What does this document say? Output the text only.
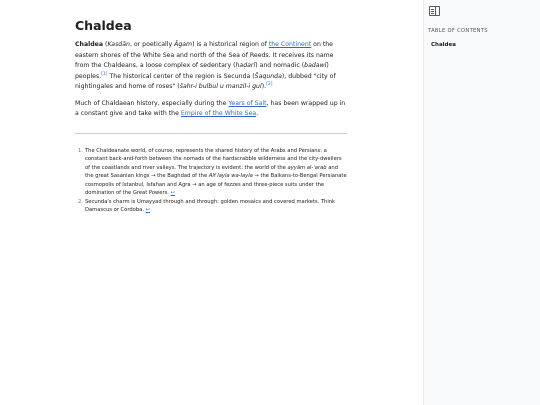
Chaldea

Chaldea (Kasdān, or poetically Āgam) is a historical region of the Continent on the eastern shores of the White Sea and north of the Sea of Reeds. It receives its name from the Chaldeans, a loose complex of sedentary (ḥaḍarī) and nomadic (badawī) peoples.[1] The historical center of the region is Secunda (Šaqunda), dubbed "city of nightingales and home of roses" (šahr-i bulbul u manzil-i gul).[2]

Much of Chaldaean history, especially during the Years of Salt, has been wrapped up in a constant give and take with the Empire of the White Sea.

1. The Chaldeanate world, of course, represents the shared history of the Arabs and Persians: a constant back-and-forth between the nomads of the hardscrabble wilderness and the city-dwellers of the coastlands and river valleys. The trajectory is evident: the world of the ayyām al-ʿarab and the great Sasanian kings → the Baghdad of the Alf layla wa-layla → the Balkans-to-Bengal Persianate cosmopolis of Istanbul, Isfahan and Agra → an age of fezzes and three-piece suits under the domination of the Great Powers. ↩
2. Secunda's charm is Umayyad through and through: golden mosaics and covered markets. Think Damascus or Córdoba. ↩
TABLE OF CONTENTS
Chaldea
